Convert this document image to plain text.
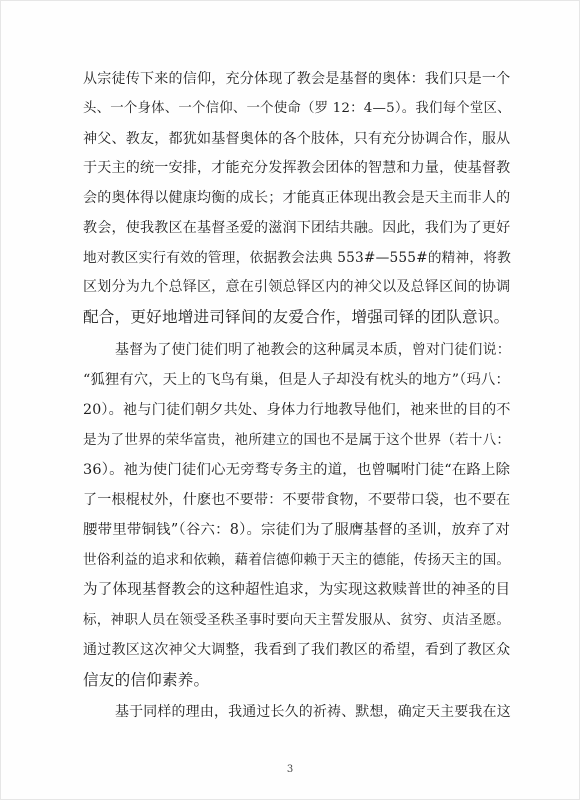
从宗徒传下来的信仰，充分体现了教会是基督的奥体：我们只是一个
头、一个身体、一个信仰、一个使命（罗 12：4—5）。我们每个堂区、
神父、教友，都犹如基督奥体的各个肢体，只有充分协调合作，服从
于天主的统一安排，才能充分发挥教会团体的智慧和力量，使基督教
会的奥体得以健康均衡的成长；才能真正体现出教会是天主而非人的
教会，使我教区在基督圣爱的滋润下团结共融。因此，我们为了更好
地对教区实行有效的管理，依据教会法典 553#—555#的精神，将教
区划分为九个总铎区，意在引领总铎区内的神父以及总铎区间的协调
配合，更好地增进司铎间的友爱合作，增强司铎的团队意识。
基督为了使门徒们明了祂教会的这种属灵本质，曾对门徒们说：
“狐狸有穴，天上的飞鸟有巢，但是人子却没有枕头的地方”（玛八：
20）。祂与门徒们朝夕共处、身体力行地教导他们，祂来世的目的不
是为了世界的荣华富贵，祂所建立的国也不是属于这个世界（若十八：
36）。祂为使门徒们心无旁骛专务主的道，也曾嘱咐门徒“在路上除
了一根棍杖外，什麽也不要带：不要带食物，不要带口袋，也不要在
腰带里带铜钱”（谷六：8）。宗徒们为了服膺基督的圣训，放弃了对
世俗利益的追求和依赖，藉着信德仰赖于天主的德能，传扬天主的国。
为了体现基督教会的这种超性追求，为实现这救赎普世的神圣的目
标，神职人员在领受圣秩圣事时要向天主誓发服从、贫穷、贞洁圣愿。
通过教区这次神父大调整，我看到了我们教区的希望，看到了教区众
信友的信仰素养。
基于同样的理由，我通过长久的祈祷、默想，确定天主要我在这
3
